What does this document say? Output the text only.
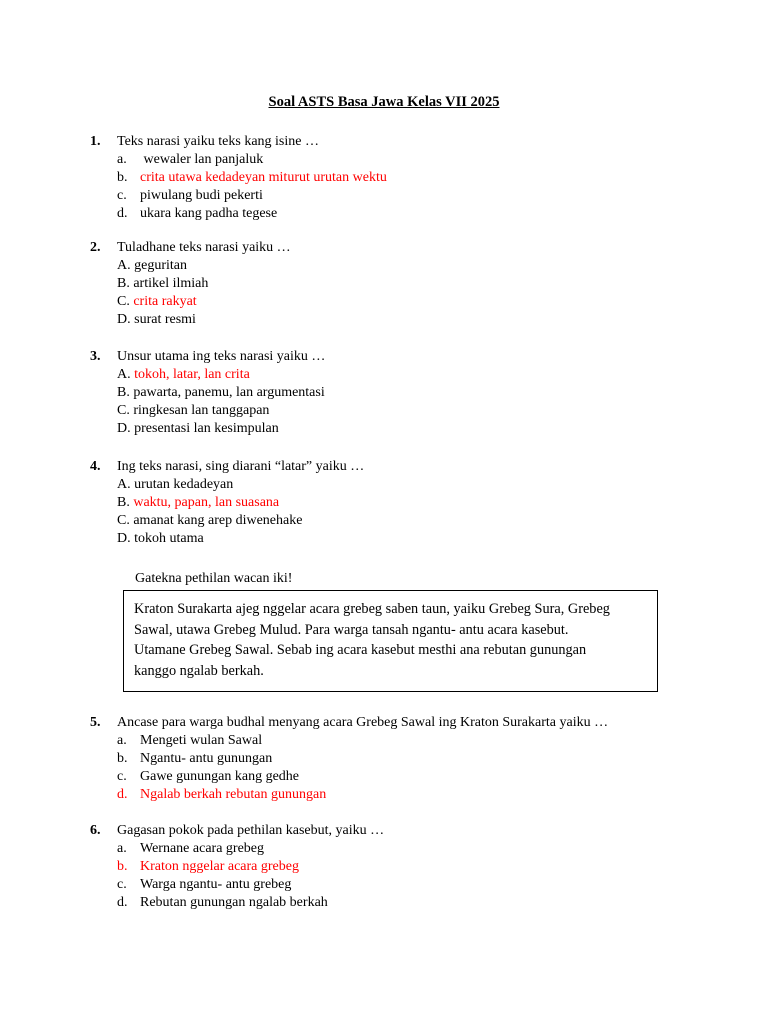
Soal ASTS Basa Jawa Kelas VII 2025
1. Teks narasi yaiku teks kang isine …
a. wewaler lan panjaluk
b. crita utawa kedadeyan miturut urutan wektu
c. piwulang budi pekerti
d. ukara kang padha tegese
2. Tuladhane teks narasi yaiku …
A. geguritan
B. artikel ilmiah
C. crita rakyat
D. surat resmi
3. Unsur utama ing teks narasi yaiku …
A. tokoh, latar, lan crita
B. pawarta, panemu, lan argumentasi
C. ringkesan lan tanggapan
D. presentasi lan kesimpulan
4. Ing teks narasi, sing diarani “latar” yaiku …
A. urutan kedadeyan
B. waktu, papan, lan suasana
C. amanat kang arep diwenehake
D. tokoh utama
Gatekna pethilan wacan iki!
Kraton Surakarta ajeg nggelar acara grebeg saben taun, yaiku Grebeg Sura, Grebeg
Sawal, utawa Grebeg Mulud. Para warga tansah ngantu- antu acara kasebut.
Utamane Grebeg Sawal. Sebab ing acara kasebut mesthi ana rebutan gunungan
kanggo ngalab berkah.
5. Ancase para warga budhal menyang acara Grebeg Sawal ing Kraton Surakarta yaiku …
a. Mengeti wulan Sawal
b. Ngantu- antu gunungan
c. Gawe gunungan kang gedhe
d. Ngalab berkah rebutan gunungan
6. Gagasan pokok pada pethilan kasebut, yaiku …
a. Wernane acara grebeg
b. Kraton nggelar acara grebeg
c. Warga ngantu- antu grebeg
d. Rebutan gunungan ngalab berkah
